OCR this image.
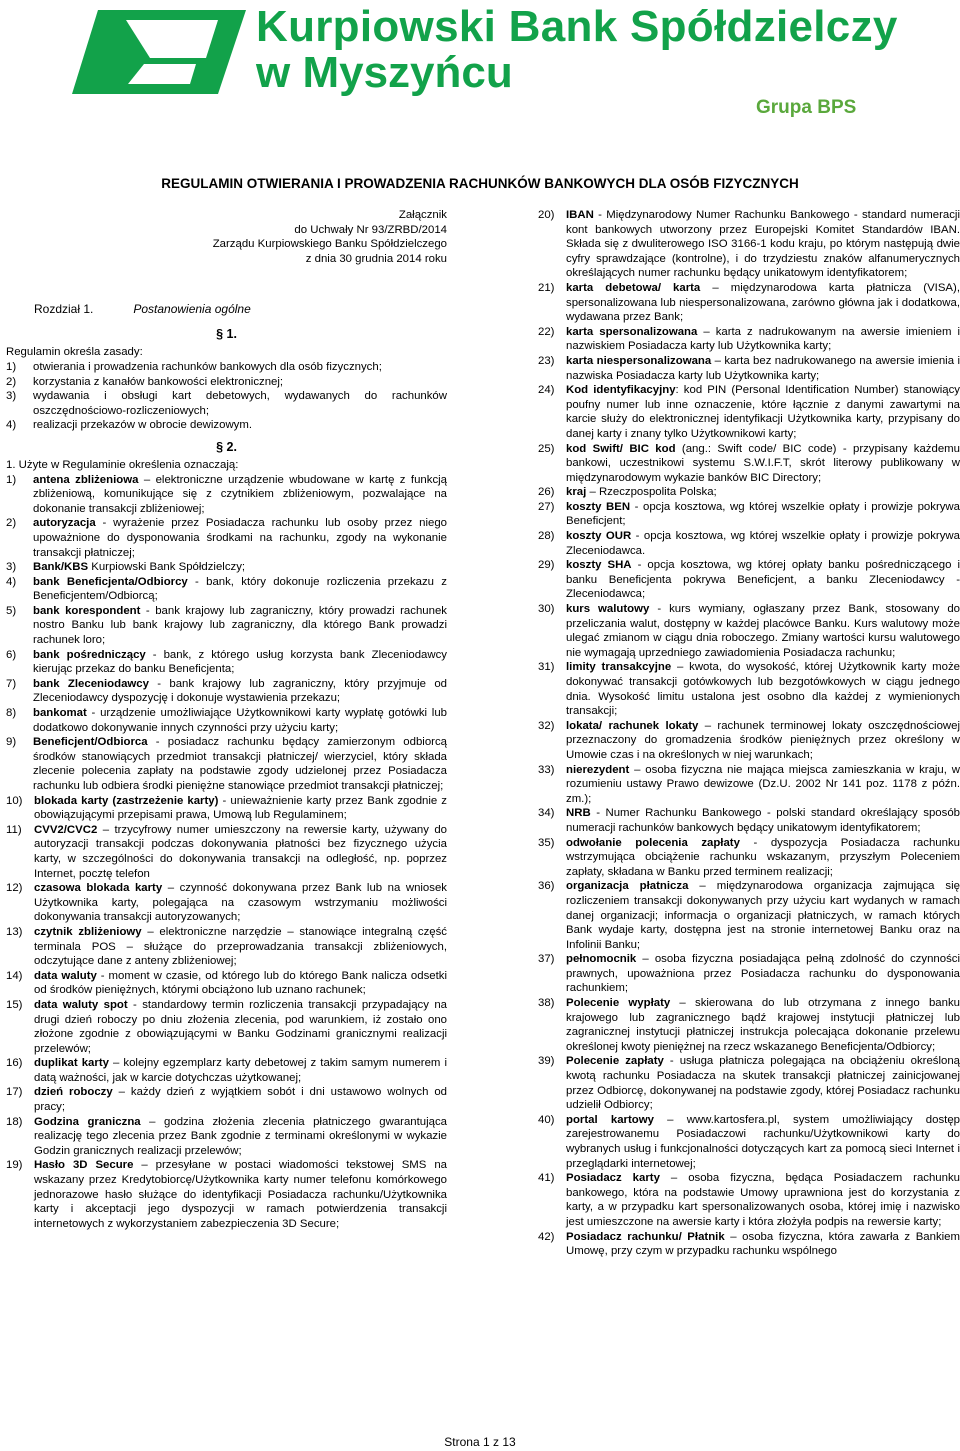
Kurpiowski Bank Spółdzielczy
w Myszyńcu
Grupa BPS
REGULAMIN OTWIERANIA I PROWADZENIA RACHUNKÓW BANKOWYCH DLA OSÓB FIZYCZNYCH
Załącznik
do Uchwały Nr 93/ZRBD/2014
Zarządu Kurpiowskiego Banku Spółdzielczego
z dnia 30 grudnia 2014 roku
Rozdział 1.	Postanowienia ogólne
§ 1.
Regulamin określa zasady:
1) otwierania i prowadzenia rachunków bankowych dla osób fizycznych;
2) korzystania z kanałów bankowości elektronicznej;
3) wydawania i obsługi kart debetowych, wydawanych do rachunków oszczędnościowo-rozliczeniowych;
4) realizacji przekazów w obrocie dewizowym.
§ 2.
1. Użyte w Regulaminie określenia oznaczają:
1) antena zbliżeniowa – elektroniczne urządzenie wbudowane w kartę z funkcją zbliżeniową, komunikujące się z czytnikiem zbliżeniowym, pozwalające na dokonanie transakcji zbliżeniowej;
2) autoryzacja - wyrażenie przez Posiadacza rachunku lub osoby przez niego upoważnione do dysponowania środkami na rachunku, zgody na wykonanie transakcji płatniczej;
3) Bank/KBS Kurpiowski Bank Spółdzielczy;
4) bank Beneficjenta/Odbiorcy - bank, który dokonuje rozliczenia przekazu z Beneficjentem/Odbiorcą;
5) bank korespondent - bank krajowy lub zagraniczny, który prowadzi rachunek nostro Banku lub bank krajowy lub zagraniczny, dla którego Bank prowadzi rachunek loro;
6) bank pośredniczący - bank, z którego usług korzysta bank Zleceniodawcy kierując przekaz do banku Beneficjenta;
7) bank Zleceniodawcy - bank krajowy lub zagraniczny, który przyjmuje od Zleceniodawcy dyspozycję i dokonuje wystawienia przekazu;
8) bankomat - urządzenie umożliwiające Użytkownikowi karty wypłatę gotówki lub dodatkowo dokonywanie innych czynności przy użyciu karty;
9) Beneficjent/Odbiorca - posiadacz rachunku będący zamierzonym odbiorcą środków stanowiących przedmiot transakcji płatniczej/ wierzyciel, który składa zlecenie polecenia zapłaty na podstawie zgody udzielonej przez Posiadacza rachunku lub odbiera środki pieniężne stanowiące przedmiot transakcji płatniczej;
10) blokada karty (zastrzeżenie karty) - unieważnienie karty przez Bank zgodnie z obowiązującymi przepisami prawa, Umową lub Regulaminem;
11) CVV2/CVC2 – trzycyfrowy numer umieszczony na rewersie karty, używany do autoryzacji transakcji podczas dokonywania płatności bez fizycznego użycia karty, w szczególności do dokonywania transakcji na odległość, np. poprzez Internet, pocztę telefon
12) czasowa blokada karty – czynność dokonywana przez Bank lub na wniosek Użytkownika karty, polegająca na czasowym wstrzymaniu możliwości dokonywania transakcji autoryzowanych;
13) czytnik zbliżeniowy – elektroniczne narzędzie – stanowiące integralną część terminala POS – służące do przeprowadzania transakcji zbliżeniowych, odczytujące dane z anteny zbliżeniowej;
14) data waluty - moment w czasie, od którego lub do którego Bank nalicza odsetki od środków pieniężnych, którymi obciążono lub uznano rachunek;
15) data waluty spot - standardowy termin rozliczenia transakcji przypadający na drugi dzień roboczy po dniu złożenia zlecenia, pod warunkiem, iż zostało ono złożone zgodnie z obowiązującymi w Banku Godzinami granicznymi realizacji przelewów;
16) duplikat karty – kolejny egzemplarz karty debetowej z takim samym numerem i datą ważności, jak w karcie dotychczas użytkowanej;
17) dzień roboczy – każdy dzień z wyjątkiem sobót i dni ustawowo wolnych od pracy;
18) Godzina graniczna – godzina złożenia zlecenia płatniczego gwarantująca realizację tego zlecenia przez Bank zgodnie z terminami określonymi w wykazie Godzin granicznych realizacji przelewów;
19) Hasło 3D Secure – przesyłane w postaci wiadomości tekstowej SMS na wskazany przez Kredytobiorcę/Użytkownika karty numer telefonu komórkowego jednorazowe hasło służące do identyfikacji Posiadacza rachunku/Użytkownika karty i akceptacji jego dyspozycji w ramach potwierdzenia transakcji internetowych z wykorzystaniem zabezpieczenia 3D Secure;
20) IBAN - Międzynarodowy Numer Rachunku Bankowego - standard numeracji kont bankowych utworzony przez Europejski Komitet Standardów IBAN. Składa się z dwuliterowego ISO 3166-1 kodu kraju, po którym następują dwie cyfry sprawdzające (kontrolne), i do trzydziestu znaków alfanumerycznych określających numer rachunku będący unikatowym identyfikatorem;
21) karta debetowa/ karta – międzynarodowa karta płatnicza (VISA), spersonalizowana lub niespersonalizowana, zarówno główna jak i dodatkowa, wydawana przez Bank;
22) karta spersonalizowana – karta z nadrukowanym na awersie imieniem i nazwiskiem Posiadacza karty lub Użytkownika karty;
23) karta niespersonalizowana – karta bez nadrukowanego na awersie imienia i nazwiska Posiadacza karty lub Użytkownika karty;
24) Kod identyfikacyjny: kod PIN (Personal Identification Number) stanowiący poufny numer lub inne oznaczenie, które łącznie z danymi zawartymi na karcie służy do elektronicznej identyfikacji Użytkownika karty, przypisany do danej karty i znany tylko Użytkownikowi karty;
25) kod Swift/ BIC kod (ang.: Swift code/ BIC code) - przypisany każdemu bankowi, uczestnikowi systemu S.W.I.F.T, skrót literowy publikowany w międzynarodowym wykazie banków BIC Directory;
26) kraj – Rzeczpospolita Polska;
27) koszty BEN - opcja kosztowa, wg której wszelkie opłaty i prowizje pokrywa Beneficjent;
28) koszty OUR - opcja kosztowa, wg której wszelkie opłaty i prowizje pokrywa Zleceniodawca.
29) koszty SHA - opcja kosztowa, wg której opłaty banku pośredniczącego i banku Beneficjenta pokrywa Beneficjent, a banku Zleceniodawcy - Zleceniodawca;
30) kurs walutowy - kurs wymiany, ogłaszany przez Bank, stosowany do przeliczania walut, dostępny w każdej placówce Banku. Kurs walutowy może ulegać zmianom w ciągu dnia roboczego. Zmiany wartości kursu walutowego nie wymagają uprzedniego zawiadomienia Posiadacza rachunku;
31) limity transakcyjne – kwota, do wysokość, której Użytkownik karty może dokonywać transakcji gotówkowych lub bezgotówkowych w ciągu jednego dnia. Wysokość limitu ustalona jest osobno dla każdej z wymienionych transakcji;
32) lokata/ rachunek lokaty – rachunek terminowej lokaty oszczędnościowej przeznaczony do gromadzenia środków pieniężnych przez określony w Umowie czas i na określonych w niej warunkach;
33) nierezydent – osoba fizyczna nie mająca miejsca zamieszkania w kraju, w rozumieniu ustawy Prawo dewizowe (Dz.U. 2002 Nr 141 poz. 1178 z późn. zm.);
34) NRB - Numer Rachunku Bankowego - polski standard określający sposób numeracji rachunków bankowych będący unikatowym identyfikatorem;
35) odwołanie polecenia zapłaty - dyspozycja Posiadacza rachunku wstrzymująca obciążenie rachunku wskazanym, przyszłym Poleceniem zapłaty, składana w Banku przed terminem realizacji;
36) organizacja płatnicza – międzynarodowa organizacja zajmująca się rozliczeniem transakcji dokonywanych przy użyciu kart wydanych w ramach danej organizacji; informacja o organizacji płatniczych, w ramach których Bank wydaje karty, dostępna jest na stronie internetowej Banku oraz na Infolinii Banku;
37) pełnomocnik – osoba fizyczna posiadająca pełną zdolność do czynności prawnych, upoważniona przez Posiadacza rachunku do dysponowania rachunkiem;
38) Polecenie wypłaty – skierowana do lub otrzymana z innego banku krajowego lub zagranicznego bądź krajowej instytucji płatniczej lub zagranicznej instytucji płatniczej instrukcja polecająca dokonanie przelewu określonej kwoty pieniężnej na rzecz wskazanego Beneficjenta/Odbiorcy;
39) Polecenie zapłaty - usługa płatnicza polegająca na obciążeniu określoną kwotą rachunku Posiadacza na skutek transakcji płatniczej zainicjowanej przez Odbiorcę, dokonywanej na podstawie zgody, której Posiadacz rachunku udzielił Odbiorcy;
40) portal kartowy – www.kartosfera.pl, system umożliwiający dostęp zarejestrowanemu Posiadaczowi rachunku/Użytkownikowi karty do wybranych usług i funkcjonalności dotyczących kart za pomocą sieci Internet i przeglądarki internetowej;
41) Posiadacz karty – osoba fizyczna, będąca Posiadaczem rachunku bankowego, która na podstawie Umowy uprawniona jest do korzystania z karty, a w przypadku kart spersonalizowanych osoba, której imię i nazwisko jest umieszczone na awersie karty i która złożyła podpis na rewersie karty;
42) Posiadacz rachunku/ Płatnik – osoba fizyczna, która zawarła z Bankiem Umowę, przy czym w przypadku rachunku wspólnego
Strona 1 z 13
